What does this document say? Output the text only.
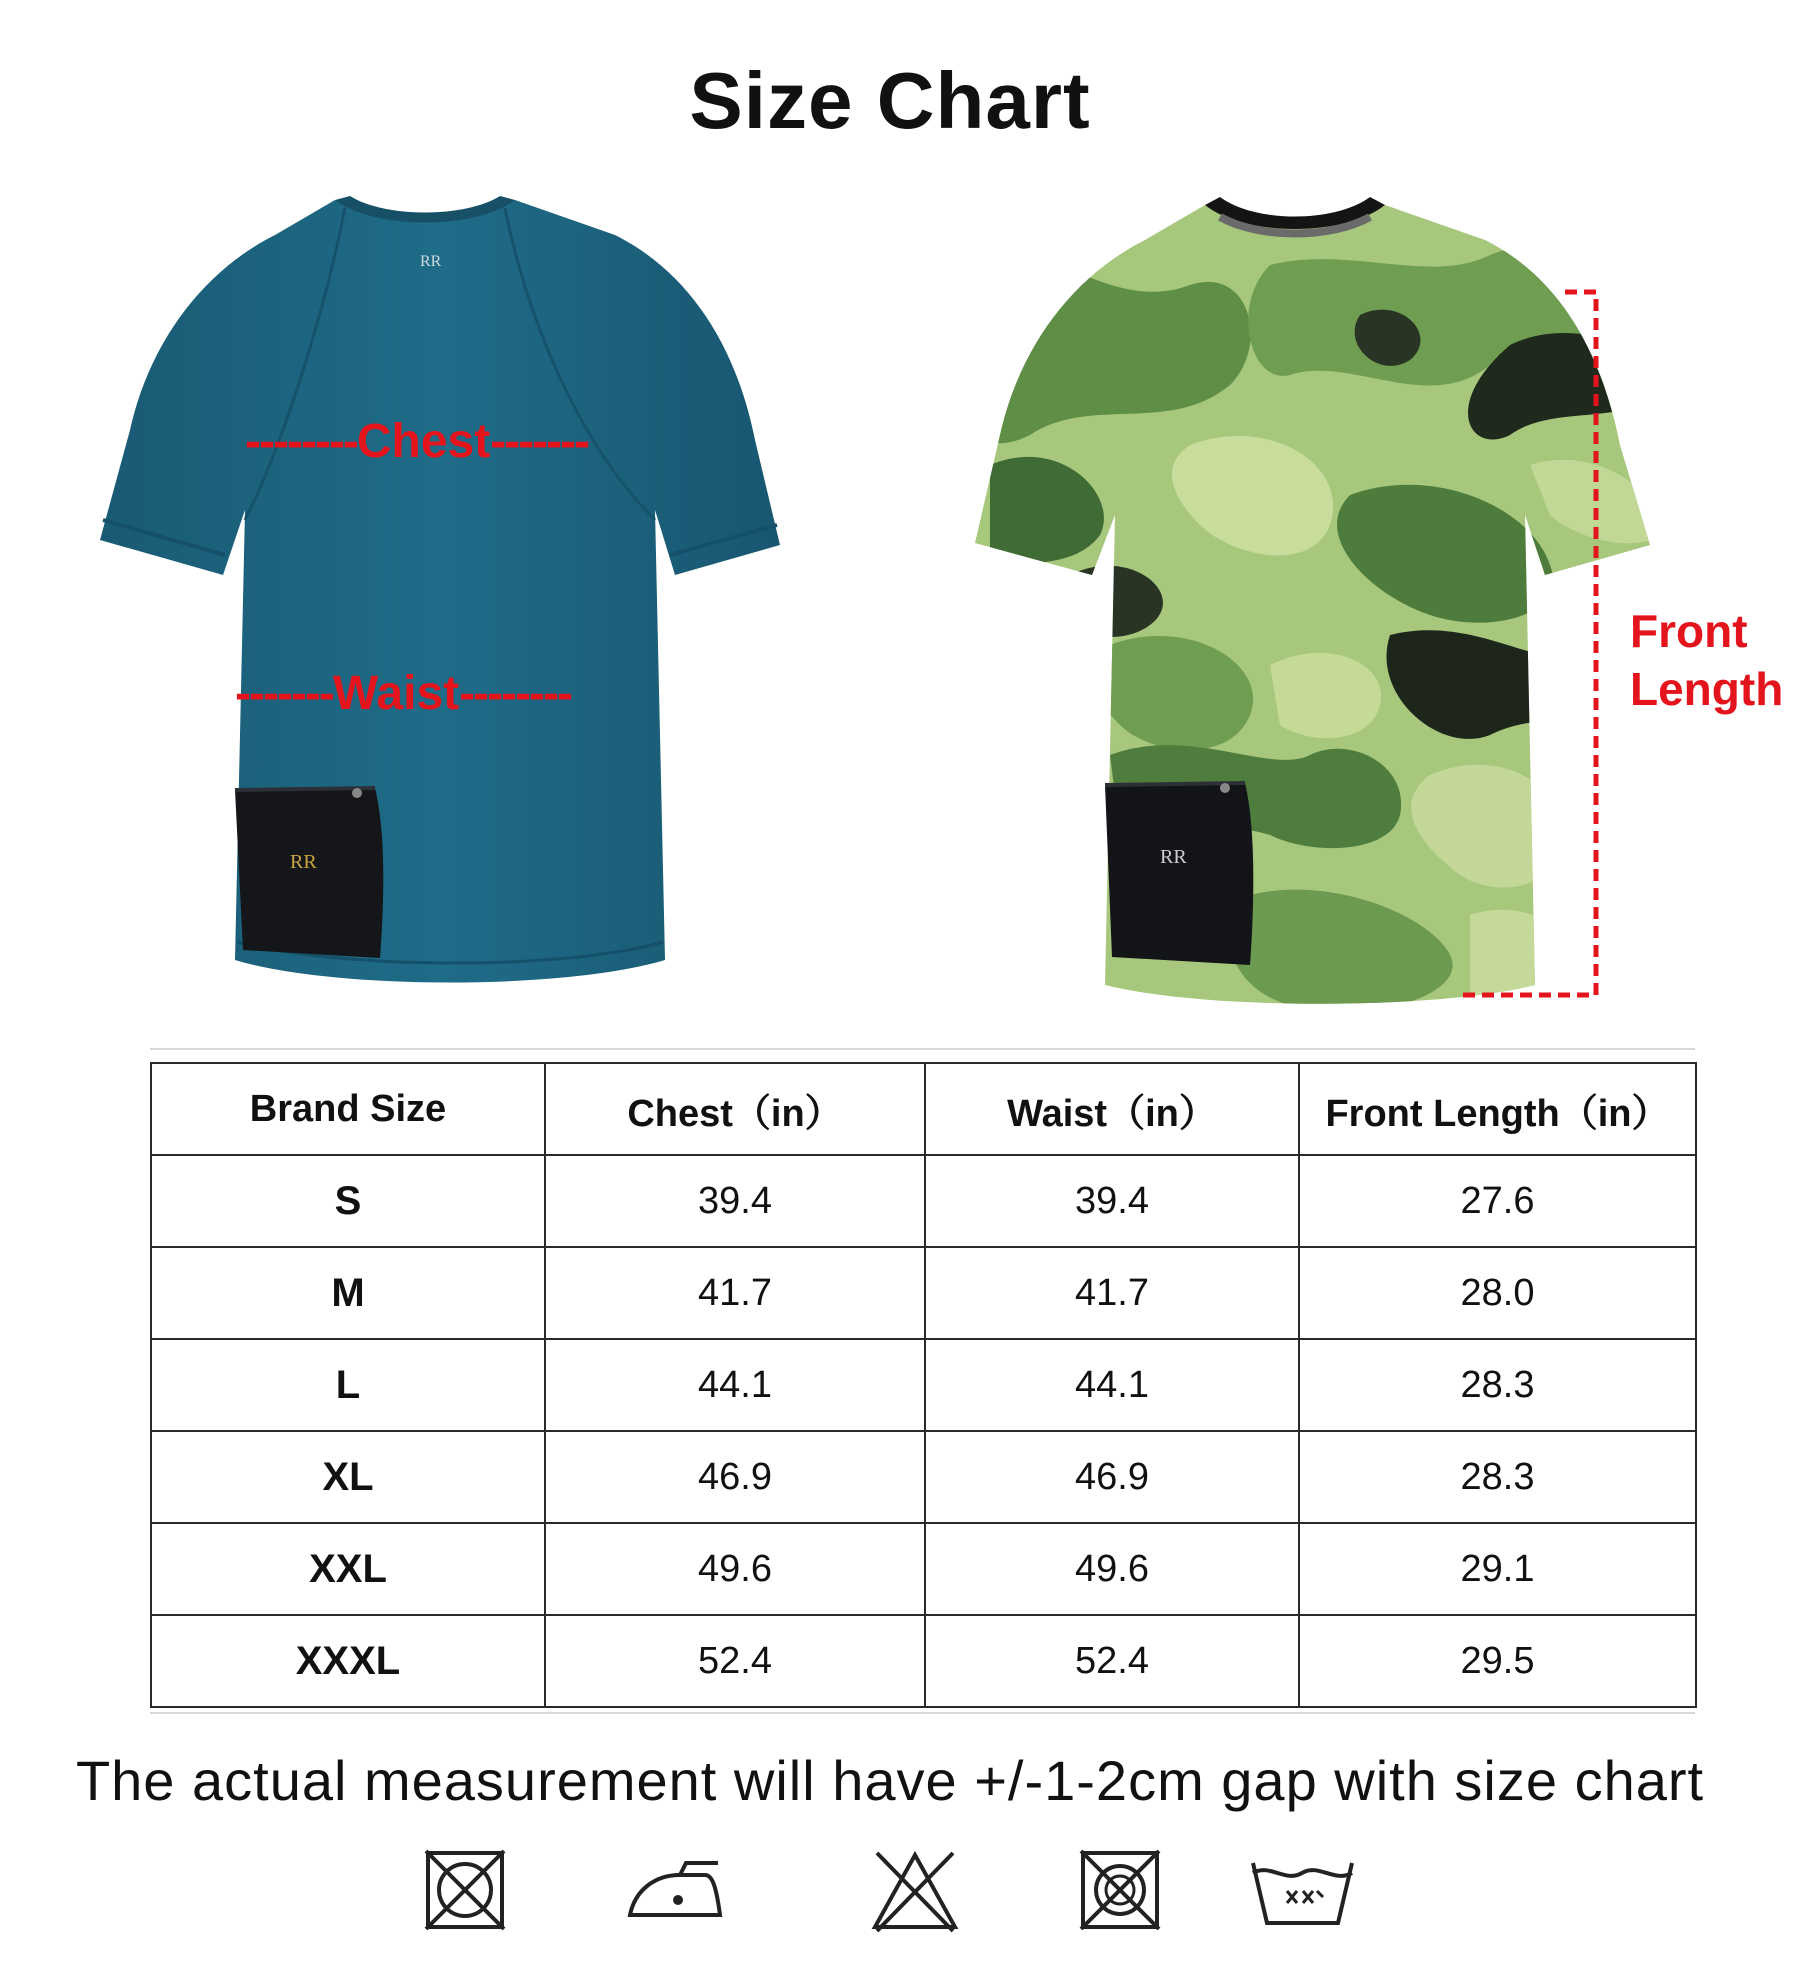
Size Chart
RR
RR
RR
--------Chest-------
-------Waist--------
Front
Length
Brand Size	Chest（in）	Waist（in）	Front Length（in）
S	39.4	39.4	27.6
M	41.7	41.7	28.0
L	44.1	44.1	28.3
XL	46.9	46.9	28.3
XXL	49.6	49.6	29.1
XXXL	52.4	52.4	29.5
The actual measurement will have +/-1-2cm gap with size chart
